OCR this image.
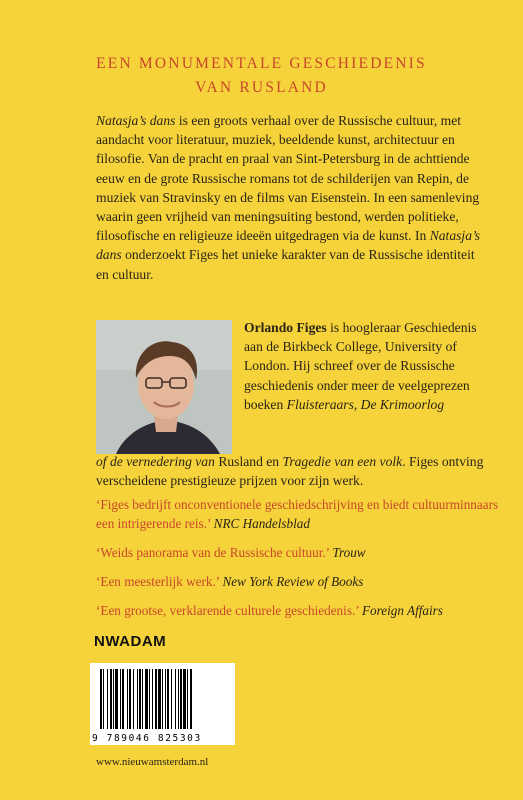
EEN MONUMENTALE GESCHIEDENIS
VAN RUSLAND

Natasja’s dans is een groots verhaal over de Russische cultuur, met aandacht voor literatuur, muziek, beeldende kunst, architectuur en filosofie. Van de pracht en praal van Sint-Petersburg in de achttiende eeuw en de grote Russische romans tot de schilderijen van Repin, de muziek van Stravinsky en de films van Eisenstein. In een samenleving waarin geen vrijheid van meningsuiting bestond, werden politieke, filosofische en religieuze ideeën uitgedragen via de kunst. In Natasja’s dans onderzoekt Figes het unieke karakter van de Russische identiteit en cultuur.

Orlando Figes is hoogleraar Geschiedenis aan de Birkbeck College, University of London. Hij schreef over de Russische geschiedenis onder meer de veelgeprezen boeken Fluisteraars, De Krimoorlog

of de vernedering van Rusland en Tragedie van een volk. Figes ontving verscheidene prestigieuze prijzen voor zijn werk.

‘Figes bedrijft onconventionele geschiedschrijving en biedt cultuurminnaars een intrigerende reis.’ NRC Handelsblad

‘Weids panorama van de Russische cultuur.’ Trouw

‘Een meesterlijk werk.’ New York Review of Books

‘Een grootse, verklarende culturele geschiedenis.’ Foreign Affairs

NWADAM
9 789046 825303
www.nieuwamsterdam.nl
